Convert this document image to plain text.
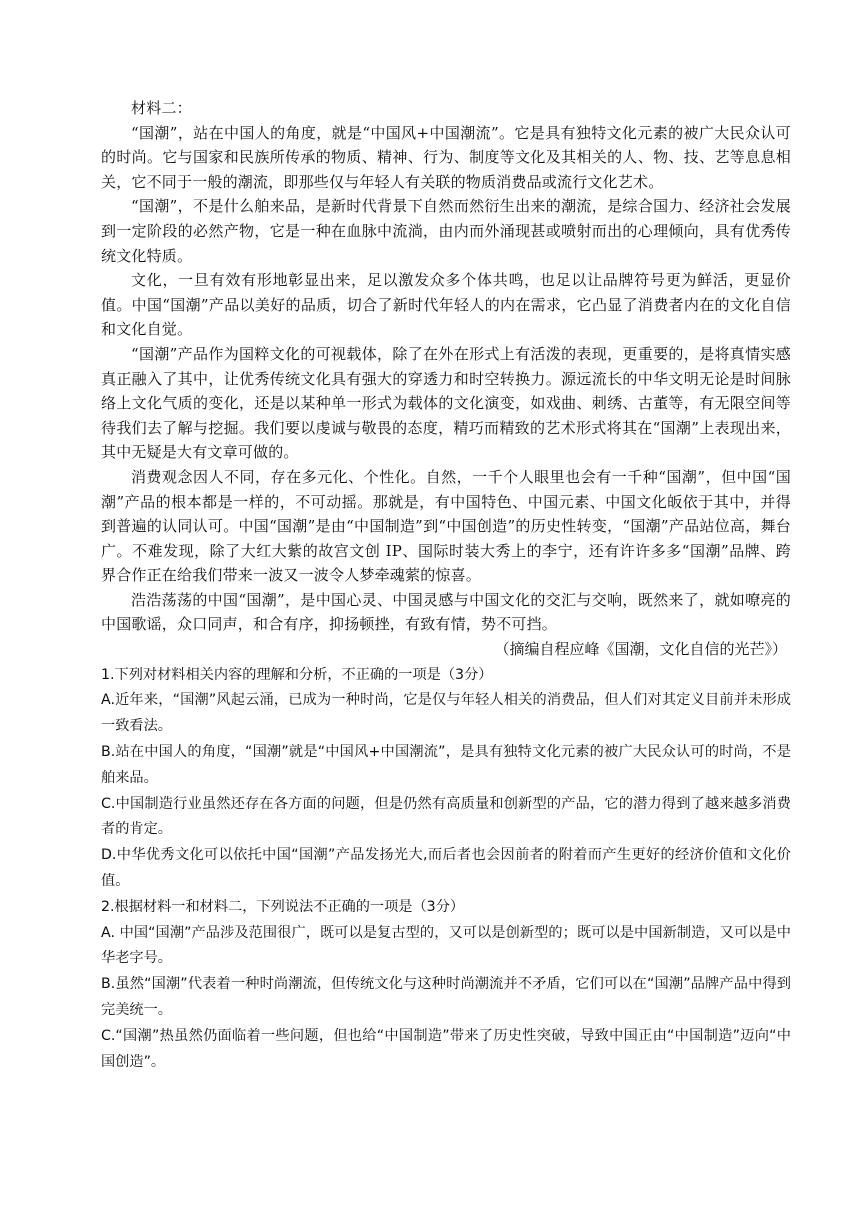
材料二：

“国潮”，站在中国人的角度，就是“中国风+中国潮流”。它是具有独特文化元素的被广大民众认可的时尚。它与国家和民族所传承的物质、精神、行为、制度等文化及其相关的人、物、技、艺等息息相关，它不同于一般的潮流，即那些仅与年轻人有关联的物质消费品或流行文化艺术。

“国潮”，不是什么舶来品，是新时代背景下自然而然衍生出来的潮流，是综合国力、经济社会发展到一定阶段的必然产物，它是一种在血脉中流淌，由内而外涌现甚或喷射而出的心理倾向，具有优秀传统文化特质。

文化，一旦有效有形地彰显出来，足以激发众多个体共鸣，也足以让品牌符号更为鲜活，更显价值。中国“国潮”产品以美好的品质，切合了新时代年轻人的内在需求，它凸显了消费者内在的文化自信和文化自觉。

“国潮”产品作为国粹文化的可视载体，除了在外在形式上有活泼的表现，更重要的，是将真情实感真正融入了其中，让优秀传统文化具有强大的穿透力和时空转换力。源远流长的中华文明无论是时间脉络上文化气质的变化，还是以某种单一形式为载体的文化演变，如戏曲、刺绣、古董等，有无限空间等待我们去了解与挖掘。我们要以虔诚与敬畏的态度，精巧而精致的艺术形式将其在“国潮”上表现出来，其中无疑是大有文章可做的。

消费观念因人不同，存在多元化、个性化。自然，一千个人眼里也会有一千种“国潮”，但中国“国潮”产品的根本都是一样的，不可动摇。那就是，有中国特色、中国元素、中国文化皈依于其中，并得到普遍的认同认可。中国“国潮”是由“中国制造”到“中国创造”的历史性转变，“国潮”产品站位高，舞台广。不难发现，除了大红大紫的故宫文创 IP、国际时装大秀上的李宁，还有许许多多“国潮”品牌、跨界合作正在给我们带来一波又一波令人梦牵魂萦的惊喜。

浩浩荡荡的中国“国潮”，是中国心灵、中国灵感与中国文化的交汇与交响，既然来了，就如嘹亮的中国歌谣，众口同声，和合有序，抑扬顿挫，有致有情，势不可挡。

（摘编自程应峰《国潮，文化自信的光芒》）

1.下列对材料相关内容的理解和分析，不正确的一项是（3分）

A.近年来，“国潮”风起云涌，已成为一种时尚，它是仅与年轻人相关的消费品，但人们对其定义目前并未形成一致看法。

B.站在中国人的角度，“国潮”就是“中国风+中国潮流”，是具有独特文化元素的被广大民众认可的时尚，不是舶来品。

C.中国制造行业虽然还存在各方面的问题，但是仍然有高质量和创新型的产品，它的潜力得到了越来越多消费者的肯定。

D.中华优秀文化可以依托中国“国潮”产品发扬光大,而后者也会因前者的附着而产生更好的经济价值和文化价值。

2.根据材料一和材料二，下列说法不正确的一项是（3分）

A. 中国“国潮”产品涉及范围很广，既可以是复古型的，又可以是创新型的；既可以是中国新制造，又可以是中华老字号。

B.虽然“国潮”代表着一种时尚潮流，但传统文化与这种时尚潮流并不矛盾，它们可以在“国潮”品牌产品中得到完美统一。

C.“国潮”热虽然仍面临着一些问题，但也给“中国制造”带来了历史性突破，导致中国正由“中国制造”迈向“中国创造”。
